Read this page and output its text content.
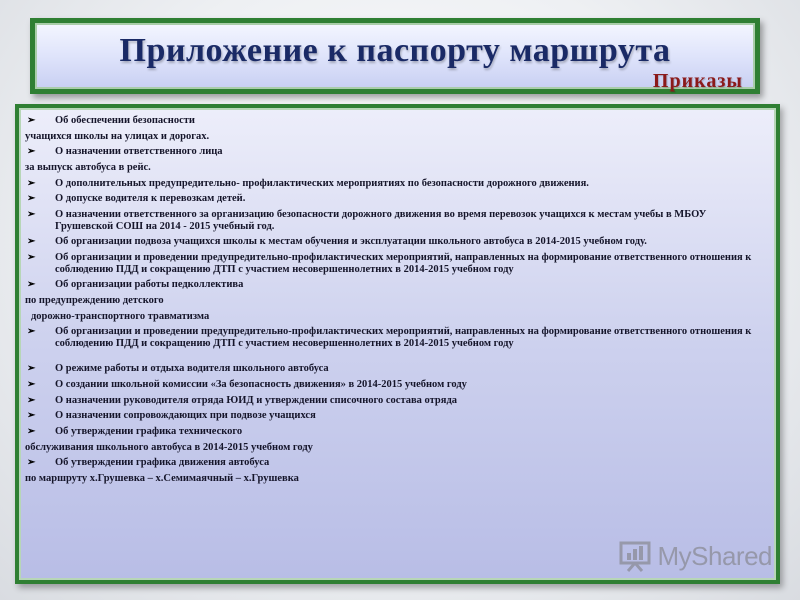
Приложение к паспорту маршрута
Приказы
➢ Об обеспечении безопасности
учащихся школы на улицах и дорогах.
➢ О назначении ответственного лица
за выпуск автобуса в рейс.
➢ О дополнительных предупредительно- профилактических мероприятиях по безопасности дорожного движения.
➢ О допуске водителя к перевозкам детей.
➢ О назначении ответственного за организацию безопасности дорожного движения во время перевозок учащихся к местам учебы в МБОУ Грушевской СОШ на 2014 - 2015 учебный год.
➢ Об организации подвоза учащихся школы к местам обучения и эксплуатации школьного автобуса в 2014-2015 учебном году.
➢ Об организации и проведении предупредительно-профилактических мероприятий, направленных на формирование ответственного отношения к соблюдению ПДД и сокращению ДТП с участием несовершеннолетних в 2014-2015 учебном году
➢ Об организации работы педколлектива
по предупреждению детского
дорожно-транспортного травматизма
➢ Об организации и проведении предупредительно-профилактических мероприятий, направленных на формирование ответственного отношения к соблюдению ПДД и сокращению ДТП с участием несовершеннолетних в 2014-2015 учебном году
➢ О режиме работы и отдыха водителя школьного автобуса
➢ О создании школьной комиссии «За безопасность движения» в 2014-2015 учебном году
➢ О назначении руководителя отряда ЮИД и утверждении списочного состава отряда
➢ О назначении сопровождающих при подвозе учащихся
➢ Об утверждении графика технического
обслуживания школьного автобуса в 2014-2015 учебном году
➢ Об утверждении графика движения автобуса
по маршруту х.Грушевка – х.Семимаячный – х.Грушевка
MyShared
